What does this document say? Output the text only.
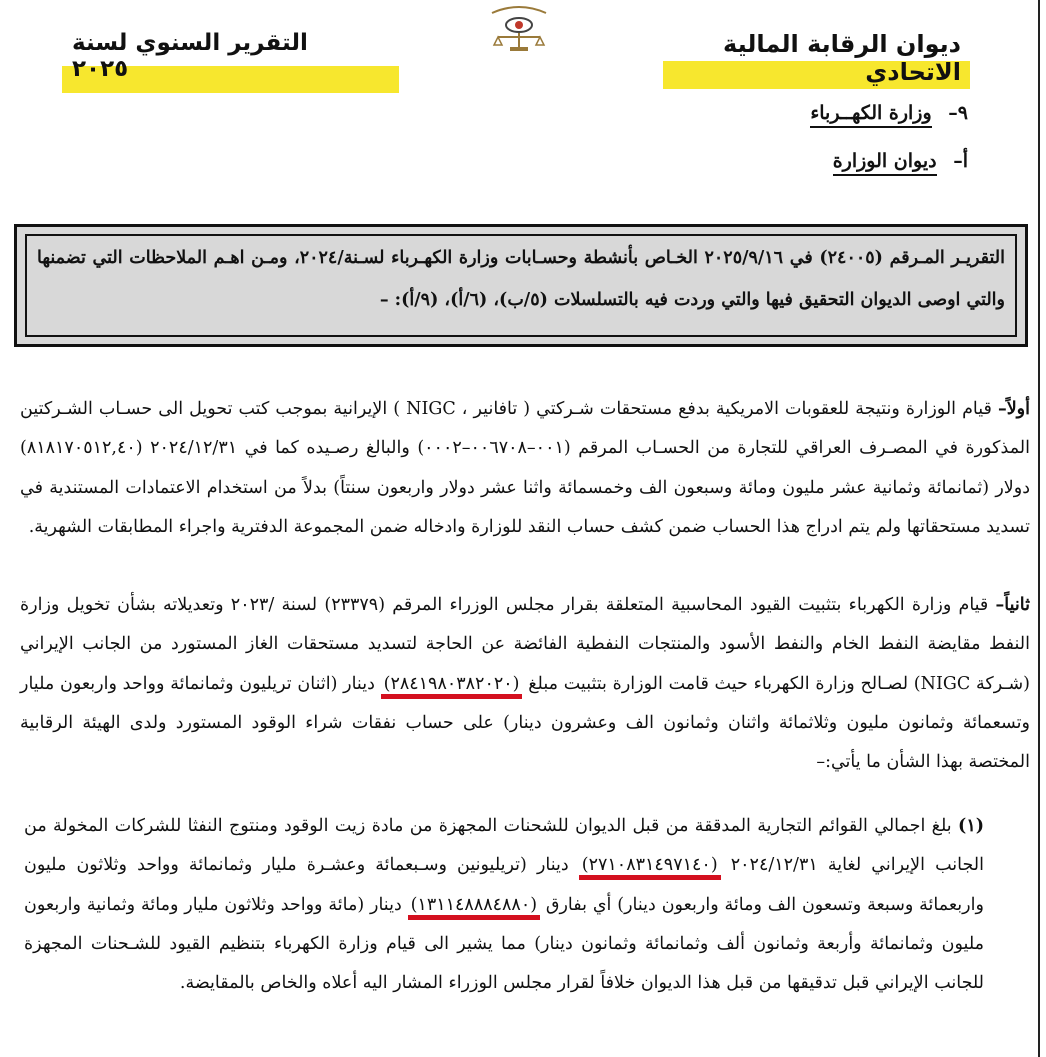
ديوان الرقابة المالية الاتحادي
التقرير السنوي لسنة ٢٠٢٥
٩– وزارة الكهــرباء
أ– ديوان الوزارة

التقريـر المـرقم (٢٤٠٠٥) في ٢٠٢٥/٩/١٦ الخـاص بأنشطة وحسـابات وزارة الكهـرباء لسـنة/٢٠٢٤، ومـن اهـم الملاحظات التي تضمنها والتي اوصى الديوان التحقيق فيها والتي وردت فيه بالتسلسلات (٥/ب)، (٦/أ)، (٩/أ): –

أولاً– قيام الوزارة ونتيجة للعقوبات الامريكية بدفع مستحقات شـركتي ( تافانير ، NIGC ) الإيرانية بموجب كتب تحويل الى حسـاب الشـركتين المذكورة في المصـرف العراقي للتجارة من الحسـاب المرقم (٠٠١–٠٠٦٧٠٨–٠٠٠٢) والبالغ رصـيده كما في ٢٠٢٤/١٢/٣١ (٨١٨١٧٠٥١٢,٤٠) دولار (ثمانمائة وثمانية عشر مليون ومائة وسبعون الف وخمسمائة واثنا عشر دولار واربعون سنتاً) بدلاً من استخدام الاعتمادات المستندية في تسديد مستحقاتها ولم يتم ادراج هذا الحساب ضمن كشف حساب النقد للوزارة وادخاله ضمن المجموعة الدفترية واجراء المطابقات الشهرية.
ثانياً– قيام وزارة الكهرباء بتثبيت القيود المحاسبية المتعلقة بقرار مجلس الوزراء المرقم (٢٣٣٧٩) لسنة /٢٠٢٣ وتعديلاته بشأن تخويل وزارة النفط مقايضة النفط الخام والنفط الأسود والمنتجات النفطية الفائضة عن الحاجة لتسديد مستحقات الغاز المستورد من الجانب الإيراني (شـركة NIGC) لصـالح وزارة الكهرباء حيث قامت الوزارة بتثبيت مبلغ (٢٨٤١٩٨٠٣٨٢٠٢٠) دينار (اثنان تريليون وثمانمائة وواحد واربعون مليار وتسعمائة وثمانون مليون وثلاثمائة واثنان وثمانون الف وعشرون دينار) على حساب نفقات شراء الوقود المستورد ولدى الهيئة الرقابية المختصة بهذا الشأن ما يأتي:–
(١) بلغ اجمالي القوائم التجارية المدققة من قبل الديوان للشحنات المجهزة من مادة زيت الوقود ومنتوج النفثا للشركات المخولة من الجانب الإيراني لغاية ٢٠٢٤/١٢/٣١ (٢٧١٠٨٣١٤٩٧١٤٠) دينار (تريليونين وسـبعمائة وعشـرة مليار وثمانمائة وواحد وثلاثون مليون واربعمائة وسبعة وتسعون الف ومائة واربعون دينار) أي بفارق (١٣١١٤٨٨٨٤٨٨٠) دينار (مائة وواحد وثلاثون مليار ومائة وثمانية واربعون مليون وثمانمائة وأربعة وثمانون ألف وثمانمائة وثمانون دينار) مما يشير الى قيام وزارة الكهرباء بتنظيم القيود للشـحنات المجهزة للجانب الإيراني قبل تدقيقها من قبل هذا الديوان خلافاً لقرار مجلس الوزراء المشار اليه أعلاه والخاص بالمقايضة.
